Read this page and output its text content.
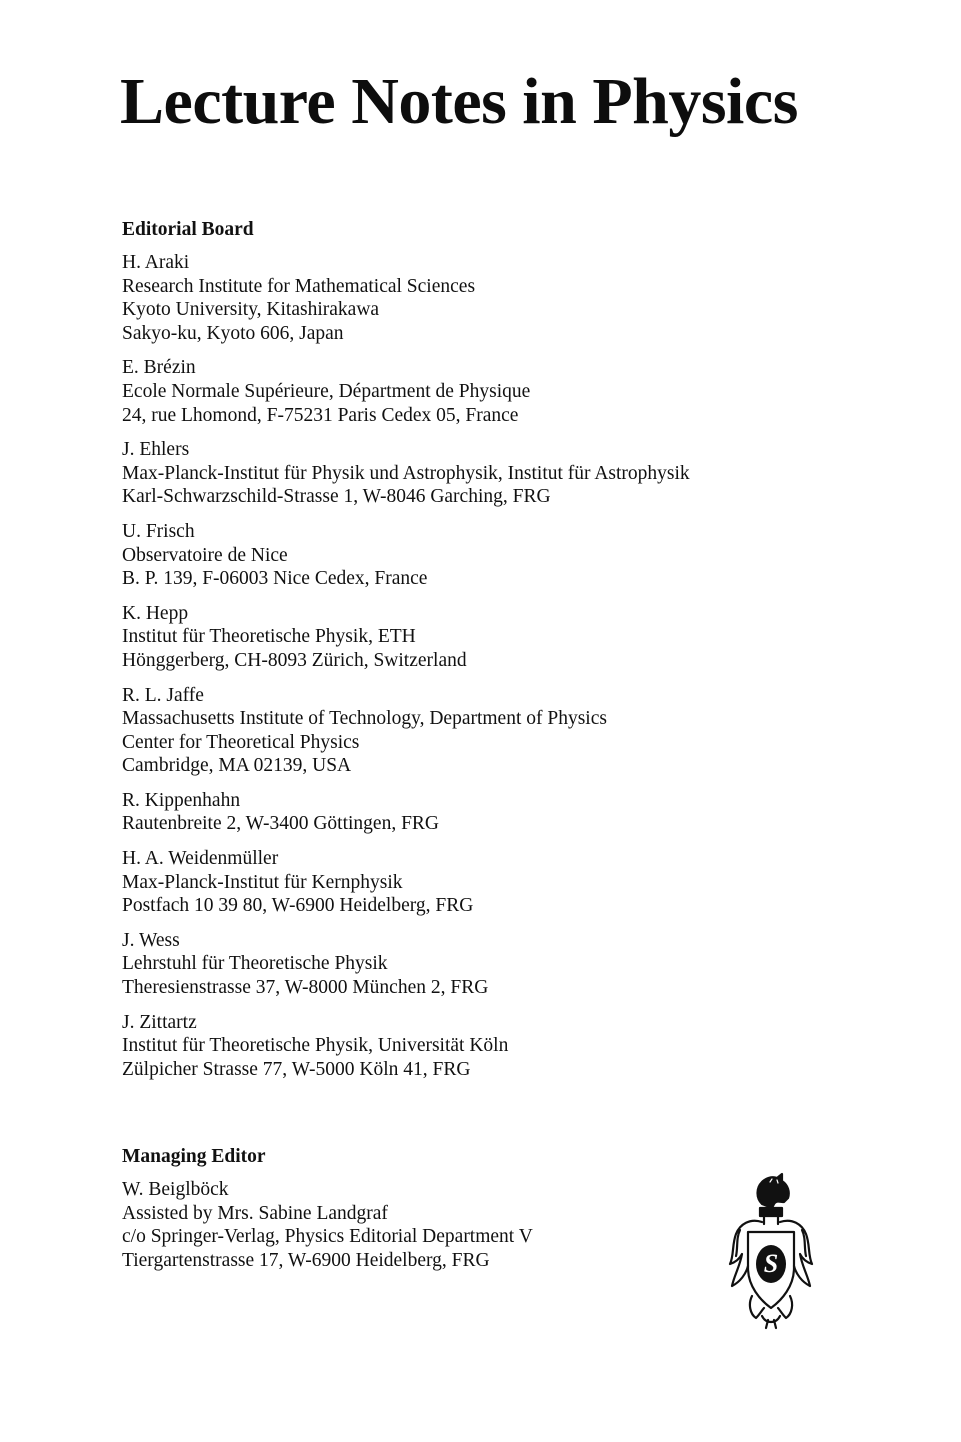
Lecture Notes in Physics
Editorial Board
H. Araki
Research Institute for Mathematical Sciences
Kyoto University, Kitashirakawa
Sakyo-ku, Kyoto 606, Japan
E. Brézin
Ecole Normale Supérieure, Départment de Physique
24, rue Lhomond, F-75231 Paris Cedex 05, France
J. Ehlers
Max-Planck-Institut für Physik und Astrophysik, Institut für Astrophysik
Karl-Schwarzschild-Strasse 1, W-8046 Garching, FRG
U. Frisch
Observatoire de Nice
B. P. 139, F-06003 Nice Cedex, France
K. Hepp
Institut für Theoretische Physik, ETH
Hönggerberg, CH-8093 Zürich, Switzerland
R. L. Jaffe
Massachusetts Institute of Technology, Department of Physics
Center for Theoretical Physics
Cambridge, MA 02139, USA
R. Kippenhahn
Rautenbreite 2, W-3400 Göttingen, FRG
H. A. Weidenmüller
Max-Planck-Institut für Kernphysik
Postfach 10 39 80, W-6900 Heidelberg, FRG
J. Wess
Lehrstuhl für Theoretische Physik
Theresienstrasse 37, W-8000 München 2, FRG
J. Zittartz
Institut für Theoretische Physik, Universität Köln
Zülpicher Strasse 77, W-5000 Köln 41, FRG
Managing Editor
W. Beiglböck
Assisted by Mrs. Sabine Landgraf
c/o Springer-Verlag, Physics Editorial Department V
Tiergartenstrasse 17, W-6900 Heidelberg, FRG	S
